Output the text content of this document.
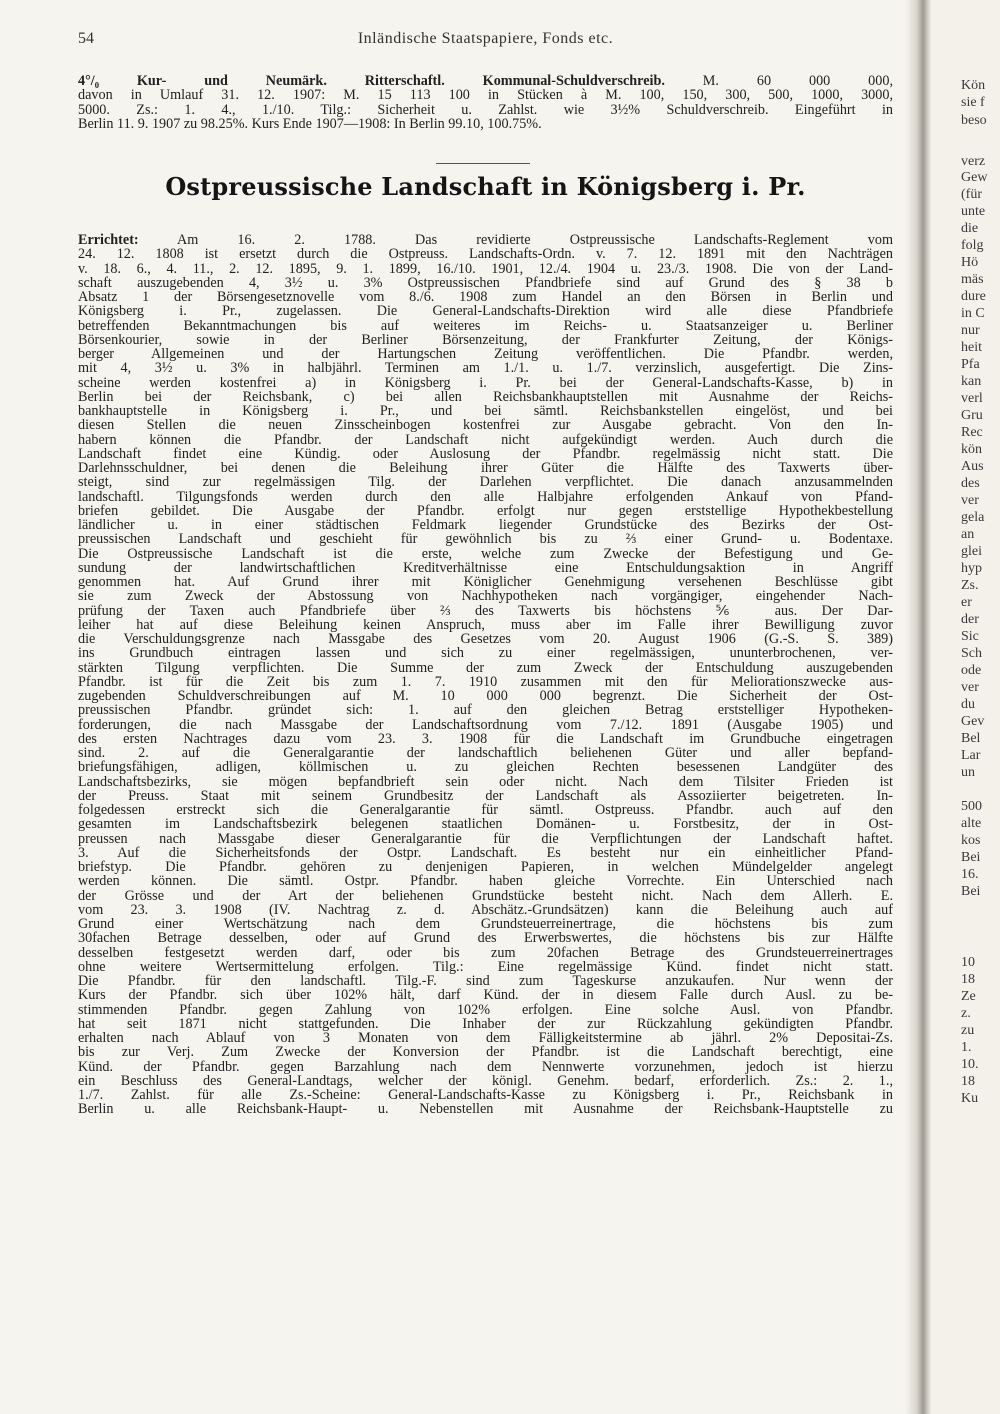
54	Inländische Staatspapiere, Fonds etc.
4°/₀ Kur- und Neumärk. Ritterschaftl. Kommunal-Schuldverschreib. M. 60 000 000,
davon in Umlauf 31. 12. 1907: M. 15 113 100 in Stücken à M. 100, 150, 300, 500, 1000, 3000,
5000. Zs.: 1. 4., 1./10. Tilg.: Sicherheit u. Zahlst. wie 3½% Schuldverschreib. Eingeführt in
Berlin 11. 9. 1907 zu 98.25%. Kurs Ende 1907—1908: In Berlin 99.10, 100.75%.
Ostpreussische Landschaft in Königsberg i. Pr.
Errichtet: Am 16. 2. 1788. Das revidierte Ostpreussische Landschafts-Reglement vom
24. 12. 1808 ist ersetzt durch die Ostpreuss. Landschafts-Ordn. v. 7. 12. 1891 mit den Nachträgen
v. 18. 6., 4. 11., 2. 12. 1895, 9. 1. 1899, 16./10. 1901, 12./4. 1904 u. 23./3. 1908. Die von der Land-
schaft auszugebenden 4, 3½ u. 3% Ostpreussischen Pfandbriefe sind auf Grund des § 38 b
Absatz 1 der Börsengesetznovelle vom 8./6. 1908 zum Handel an den Börsen in Berlin und
Königsberg i. Pr., zugelassen. Die General-Landschafts-Direktion wird alle diese Pfandbriefe
betreffenden Bekanntmachungen bis auf weiteres im Reichs- u. Staatsanzeiger u. Berliner
Börsenkourier, sowie in der Berliner Börsenzeitung, der Frankfurter Zeitung, der Königs-
berger Allgemeinen und der Hartungschen Zeitung veröffentlichen. Die Pfandbr. werden,
mit 4, 3½ u. 3% in halbjährl. Terminen am 1./1. u. 1./7. verzinslich, ausgefertigt. Die Zins-
scheine werden kostenfrei a) in Königsberg i. Pr. bei der General-Landschafts-Kasse, b) in
Berlin bei der Reichsbank, c) bei allen Reichsbankhauptstellen mit Ausnahme der Reichs-
bankhauptstelle in Königsberg i. Pr., und bei sämtl. Reichsbankstellen eingelöst, und bei
diesen Stellen die neuen Zinsscheinbogen kostenfrei zur Ausgabe gebracht. Von den In-
habern können die Pfandbr. der Landschaft nicht aufgekündigt werden. Auch durch die
Landschaft findet eine Kündig. oder Auslosung der Pfandbr. regelmässig nicht statt. Die
Darlehnsschuldner, bei denen die Beleihung ihrer Güter die Hälfte des Taxwerts über-
steigt, sind zur regelmässigen Tilg. der Darlehen verpflichtet. Die danach anzusammelnden
landschaftl. Tilgungsfonds werden durch den alle Halbjahre erfolgenden Ankauf von Pfand-
briefen gebildet. Die Ausgabe der Pfandbr. erfolgt nur gegen erststellige Hypothekbestellung
ländlicher u. in einer städtischen Feldmark liegender Grundstücke des Bezirks der Ost-
preussischen Landschaft und geschieht für gewöhnlich bis zu ⅔ einer Grund- u. Bodentaxe.
Die Ostpreussische Landschaft ist die erste, welche zum Zwecke der Befestigung und Ge-
sundung der landwirtschaftlichen Kreditverhältnisse eine Entschuldungsaktion in Angriff
genommen hat. Auf Grund ihrer mit Königlicher Genehmigung versehenen Beschlüsse gibt
sie zum Zweck der Abstossung von Nachhypotheken nach vorgängiger, eingehender Nach-
prüfung der Taxen auch Pfandbriefe über ⅔ des Taxwerts bis höchstens ⅚ aus. Der Dar-
leiher hat auf diese Beleihung keinen Anspruch, muss aber im Falle ihrer Bewilligung zuvor
die Verschuldungsgrenze nach Massgabe des Gesetzes vom 20. August 1906 (G.-S. S. 389)
ins Grundbuch eintragen lassen und sich zu einer regelmässigen, ununterbrochenen, ver-
stärkten Tilgung verpflichten. Die Summe der zum Zweck der Entschuldung auszugebenden
Pfandbr. ist für die Zeit bis zum 1. 7. 1910 zusammen mit den für Meliorationszwecke aus-
zugebenden Schuldverschreibungen auf M. 10 000 000 begrenzt. Die Sicherheit der Ost-
preussischen Pfandbr. gründet sich: 1. auf den gleichen Betrag erststelliger Hypotheken-
forderungen, die nach Massgabe der Landschaftsordnung vom 7./12. 1891 (Ausgabe 1905) und
des ersten Nachtrages dazu vom 23. 3. 1908 für die Landschaft im Grundbuche eingetragen
sind. 2. auf die Generalgarantie der landschaftlich beliehenen Güter und aller bepfand-
briefungsfähigen, adligen, köllmischen u. zu gleichen Rechten besessenen Landgüter des
Landschaftsbezirks, sie mögen bepfandbrieft sein oder nicht. Nach dem Tilsiter Frieden ist
der Preuss. Staat mit seinem Grundbesitz der Landschaft als Assoziierter beigetreten. In-
folgedessen erstreckt sich die Generalgarantie für sämtl. Ostpreuss. Pfandbr. auch auf den
gesamten im Landschaftsbezirk belegenen staatlichen Domänen- u. Forstbesitz, der in Ost-
preussen nach Massgabe dieser Generalgarantie für die Verpflichtungen der Landschaft haftet.
3. Auf die Sicherheitsfonds der Ostpr. Landschaft. Es besteht nur ein einheitlicher Pfand-
briefstyp. Die Pfandbr. gehören zu denjenigen Papieren, in welchen Mündelgelder angelegt
werden können. Die sämtl. Ostpr. Pfandbr. haben gleiche Vorrechte. Ein Unterschied nach
der Grösse und der Art der beliehenen Grundstücke besteht nicht. Nach dem Allerh. E.
vom 23. 3. 1908 (IV. Nachtrag z. d. Abschätz.-Grundsätzen) kann die Beleihung auch auf
Grund einer Wertschätzung nach dem Grundsteuerreinertrage, die höchstens bis zum
30fachen Betrage desselben, oder auf Grund des Erwerbswertes, die höchstens bis zur Hälfte
desselben festgesetzt werden darf, oder bis zum 20fachen Betrage des Grundsteuerreinertrages
ohne weitere Wertsermittelung erfolgen. Tilg.: Eine regelmässige Künd. findet nicht statt.
Die Pfandbr. für den landschaftl. Tilg.-F. sind zum Tageskurse anzukaufen. Nur wenn der
Kurs der Pfandbr. sich über 102% hält, darf Künd. der in diesem Falle durch Ausl. zu be-
stimmenden Pfandbr. gegen Zahlung von 102% erfolgen. Eine solche Ausl. von Pfandbr.
hat seit 1871 nicht stattgefunden. Die Inhaber der zur Rückzahlung gekündigten Pfandbr.
erhalten nach Ablauf von 3 Monaten von dem Fälligkeitstermine ab jährl. 2% Depositai-Zs.
bis zur Verj. Zum Zwecke der Konversion der Pfandbr. ist die Landschaft berechtigt, eine
Künd. der Pfandbr. gegen Barzahlung nach dem Nennwerte vorzunehmen, jedoch ist hierzu
ein Beschluss des General-Landtags, welcher der königl. Genehm. bedarf, erforderlich. Zs.: 2. 1.,
1./7. Zahlst. für alle Zs.-Scheine: General-Landschafts-Kasse zu Königsberg i. Pr., Reichsbank in
Berlin u. alle Reichsbank-Haupt- u. Nebenstellen mit Ausnahme der Reichsbank-Hauptstelle zu
Kön
sie f
beso
verz
Gew
(für
unte
die
folg
Hö
mäs
dure
in C
nur
heit
Pfa
kan
verl
Gru
Rec
kön
Aus
des
ver
gela
an
glei
hyp
Zs.
er
der
Sic
Sch
ode
ver
du
Gev
Bel
Lar
un
500
alte
kos
Bei
16.
Bei
10
18
Ze
z.
zu
1.
10.
18
Ku
